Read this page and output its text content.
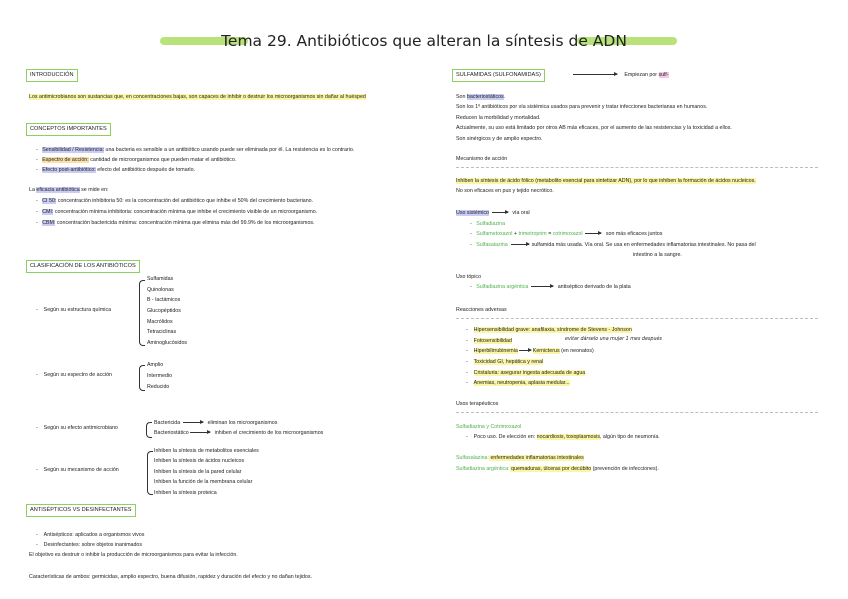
Tema 29. Antibióticos que alteran la síntesis de ADN
INTRODUCCIÓN
Los antimicrobianos son sustancias que, en concentraciones bajas, son capaces de inhibir o destruir los microorganismos sin dañar al huésped
CONCEPTOS IMPORTANTES
-   Sensibilidad / Resistencia: una bacteria es sensible a un antibiótico usando puede ser eliminada por él. La resistencia es lo contrario.
-   Espectro de acción: cantidad de microorganismos que pueden matar el antibiótico.
-   Efecto post-antibiótico: efecto del antibiótico después de tomarlo.
La eficacia antibiótica se mide en:
-   CI 50: concentración inhibitoria 50: es la concentración del antibiótico que inhibe el 50% del crecimiento bacteriano.
-   CMI: concentración mínima inhibitoria: concentración mínima que inhibe el crecimiento visible de un microorganismo.
-   CBM: concentración bactericida mínima: concentración mínima que elimina más del 99.9% de los microorganismos.
CLASIFICACIÓN DE LOS ANTIBIÓTICOS
-    Según su estructura química
Sulfamidas
Quinolonas
B - lactámicos
Glucopéptidos
Macrólidos
Tetraciclinas
Aminoglucósidos
-    Según su espectro de acción
Amplio
Intermedio
Reducido
-    Según su efecto antimicrobiano
Bactericida	eliminan los microorganismos
Bacteriostático	inhiben el crecimiento de los microorganismos
-    Según su mecanismo de acción
Inhiben la síntesis de metabolitos esenciales
Inhiben la síntesis de ácidos nucleicos
Inhiben la síntesis de la pared celular
Inhiben la función de la membrana celular
Inhiben la síntesis proteica
ANTISÉPTICOS VS DESINFECTANTES
-    Antisépticos: aplicados a organismos vivos
-    Desinfectantes: sobre objetos inanimados
El objetivo es destruir o inhibir la producción de microorganismos para evitar la infección.
Características de ambos: germicidas, amplio espectro, buena difusión, rapidez y duración del efecto y no dañan tejidos.
SULFAMIDAS (SULFONAMIDAS)	Empiezan por sulf-
Son bacteriostáticos.
Son los 1º antibióticos por vía sistémica usados para prevenir y tratar infecciones bacterianas en humanos.
Reducen la morbilidad y mortalidad.
Actualmente, su uso está limitado por otros AB más eficaces, por el aumento de las resistencias y la toxicidad a ellos.
Son sinérgicos y de amplio espectro.
Mecanismo de acción
Inhiben la síntesis de ácido fólico (metabolito esencial para sintetizar ADN), por lo que inhiben la formación de ácidos nucleicos.
No son eficaces en pus y tejido necrótico.
Uso sistémico	vía oral
-   Sulfadiazina
-   Sulfametoxazol + trimetroprim = cotrimoxazol	son más eficaces juntos
-   Sulfasalazina	sulfamida más usada. Vía oral. Se usa en enfermedades inflamatorias intestinales. No pasa del
intestino a la sangre.
Uso tópico
-   Sulfadiazina argéntica	antiséptico derivado de la plata
Reacciones adversas
-    Hipersensibilidad grave: anafilaxia, síndrome de Stevens - Johnson
-    Fotosensibilidad	evitar dárselo una mujer 1 mes después
-    Hiperbilirrubinemia	Kernicterus (en neonatos)
-    Toxicidad GI, hepática y renal
-    Cristaluria: asegurar ingesta adecuada de agua
-    Anemias, neutropenia, aplasia medular...
Usos terapéuticos
Sulfadiazina y Cotrimoxazol
-    Poco uso. De elección en: nocardiosis, toxoplasmosis, algún tipo de neumonía.
Sulfasalazina: enfermedades inflamatorias intestinales
Sulfadiazina argéntica: quemaduras, úlceras por decúbito (prevención de infecciones).
